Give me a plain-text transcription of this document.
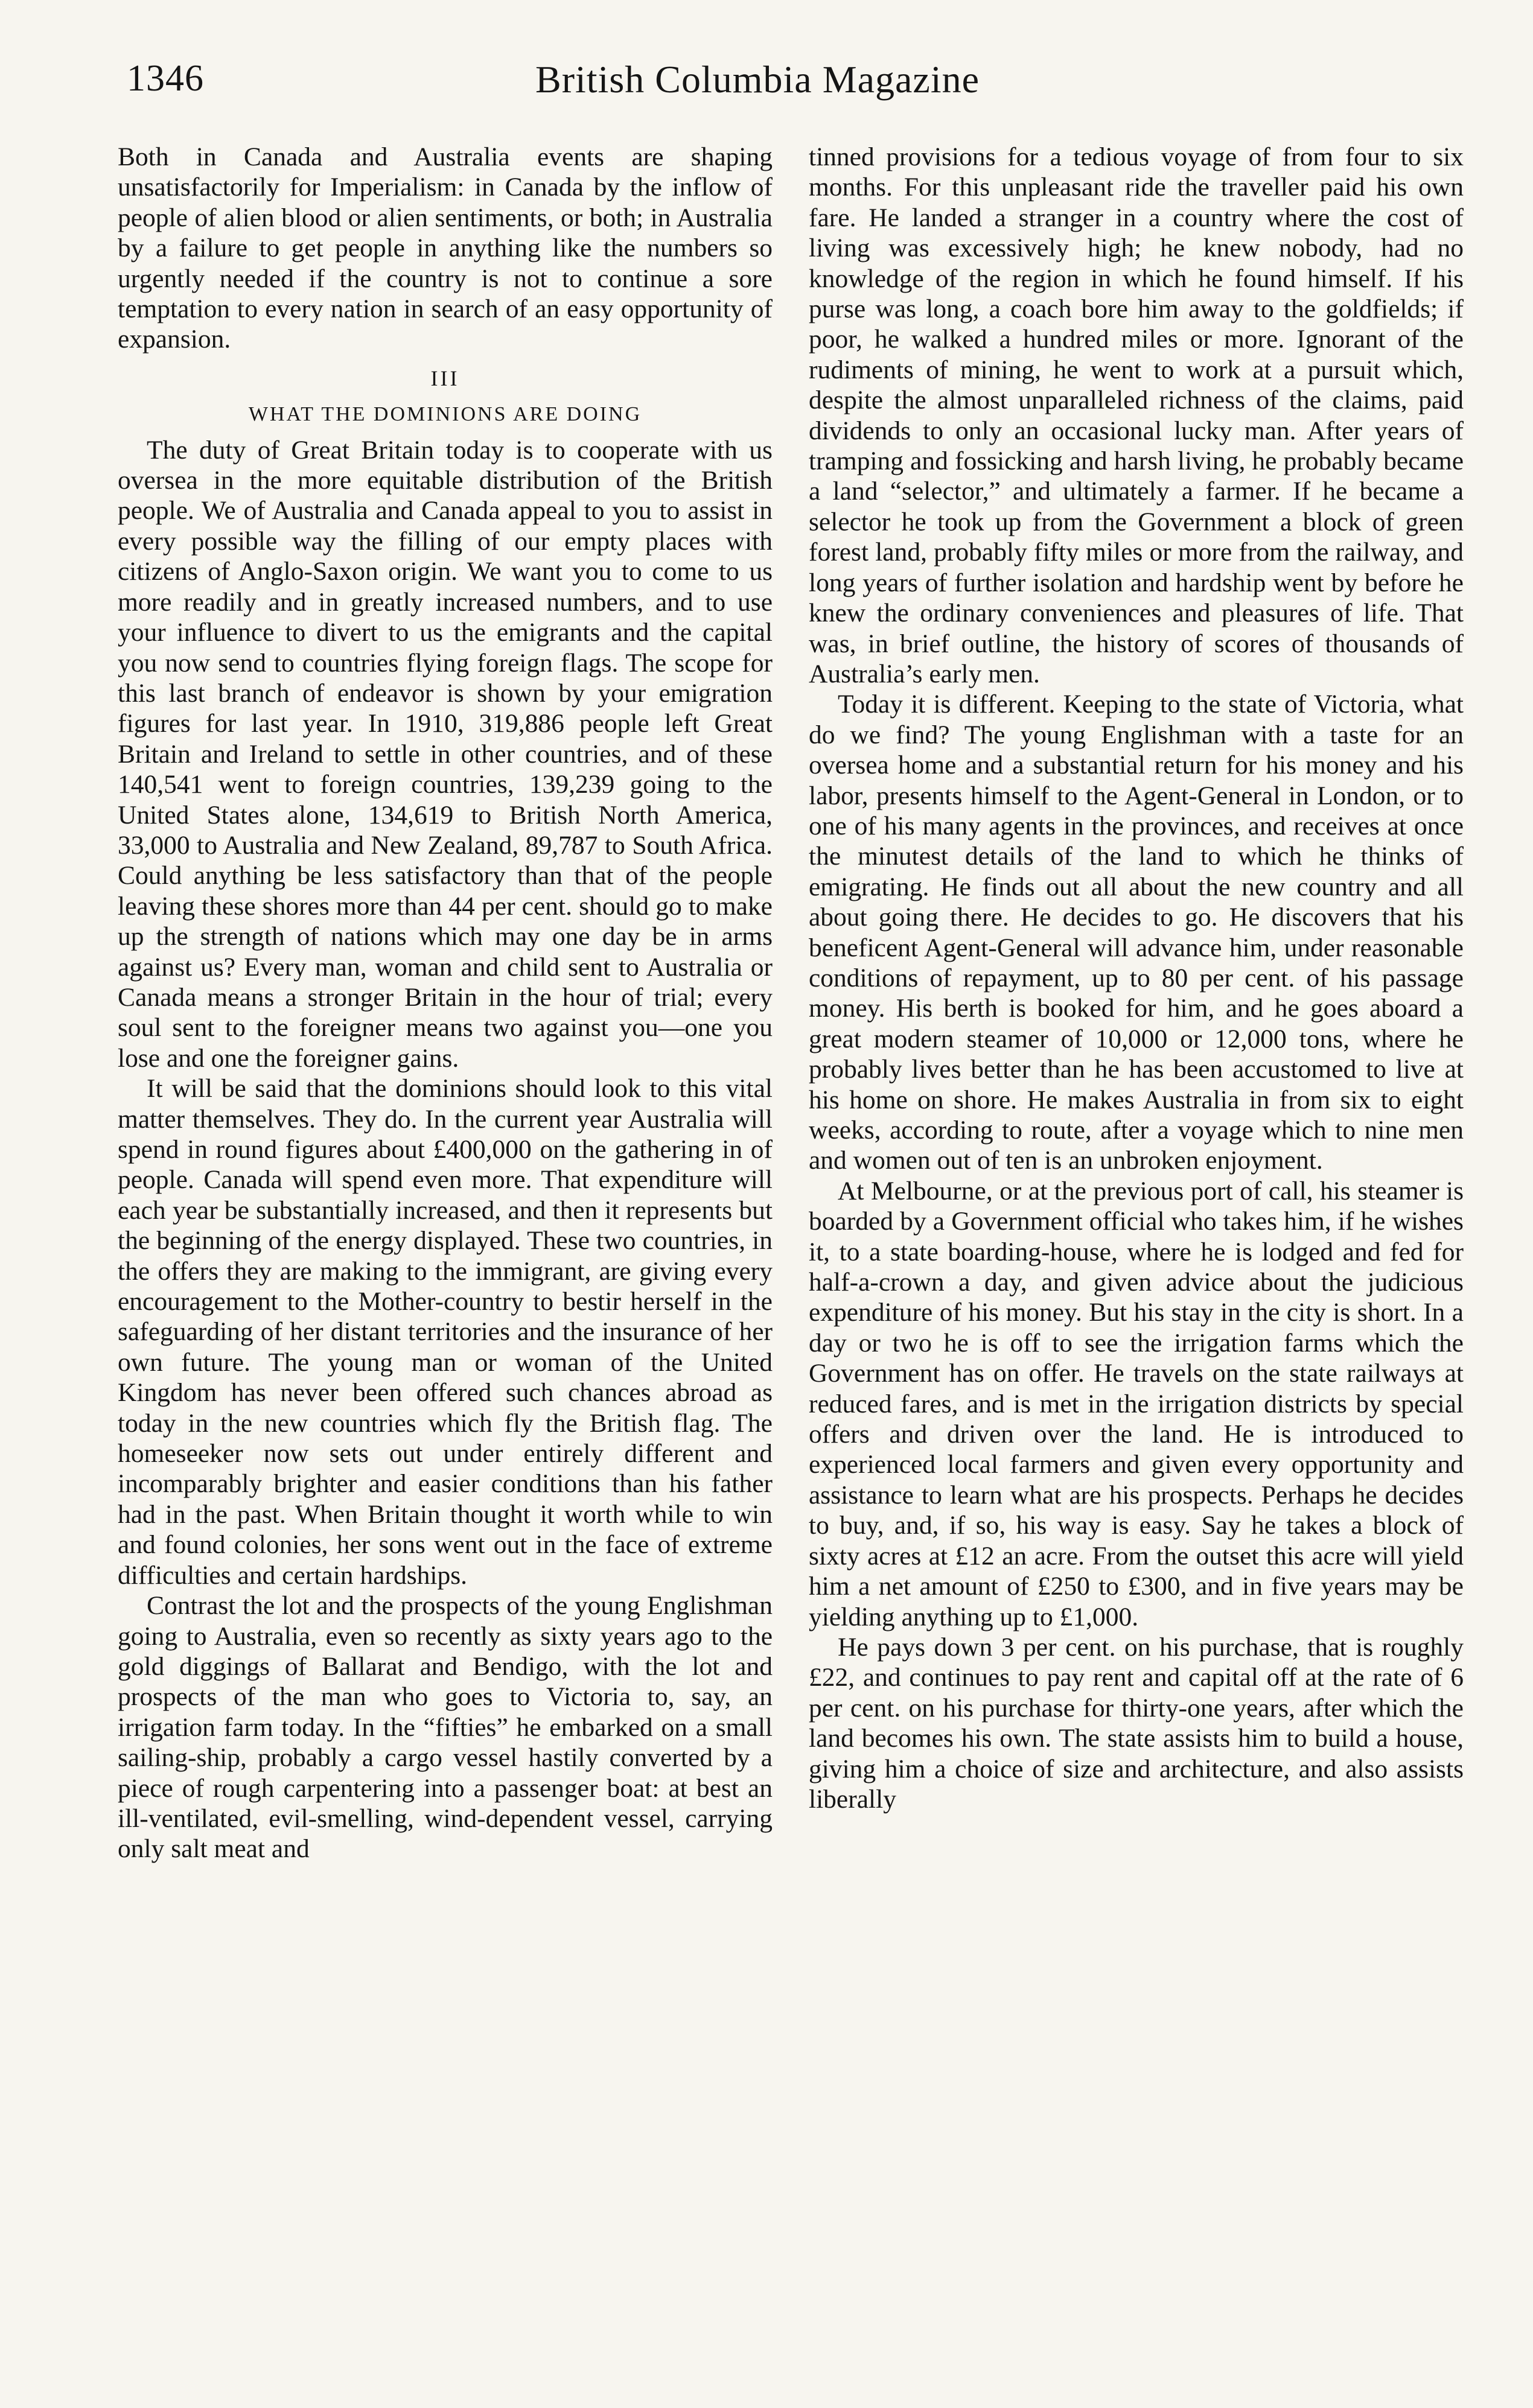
1346	British Columbia Magazine

Both in Canada and Australia events are shaping unsatisfactorily for Imperialism: in Canada by the inflow of people of alien blood or alien sentiments, or both; in Australia by a failure to get people in anything like the numbers so urgently needed if the country is not to continue a sore temptation to every nation in search of an easy opportunity of expansion.

III
WHAT THE DOMINIONS ARE DOING

The duty of Great Britain today is to cooperate with us oversea in the more equitable distribution of the British people. We of Australia and Canada appeal to you to assist in every possible way the filling of our empty places with citizens of Anglo-Saxon origin. We want you to come to us more readily and in greatly increased numbers, and to use your influence to divert to us the emigrants and the capital you now send to countries flying foreign flags. The scope for this last branch of endeavor is shown by your emigration figures for last year. In 1910, 319,886 people left Great Britain and Ireland to settle in other countries, and of these 140,541 went to foreign countries, 139,239 going to the United States alone, 134,619 to British North America, 33,000 to Australia and New Zealand, 89,787 to South Africa. Could anything be less satisfactory than that of the people leaving these shores more than 44 per cent. should go to make up the strength of nations which may one day be in arms against us? Every man, woman and child sent to Australia or Canada means a stronger Britain in the hour of trial; every soul sent to the foreigner means two against you—one you lose and one the foreigner gains.

It will be said that the dominions should look to this vital matter themselves. They do. In the current year Australia will spend in round figures about £400,000 on the gathering in of people. Canada will spend even more. That expenditure will each year be substantially increased, and then it represents but the beginning of the energy displayed. These two countries, in the offers they are making to the immigrant, are giving every encouragement to the Mother-country to bestir herself in the safeguarding of her distant territories and the insurance of her own future. The young man or woman of the United Kingdom has never been offered such chances abroad as today in the new countries which fly the British flag. The homeseeker now sets out under entirely different and incomparably brighter and easier conditions than his father had in the past. When Britain thought it worth while to win and found colonies, her sons went out in the face of extreme difficulties and certain hardships.

Contrast the lot and the prospects of the young Englishman going to Australia, even so recently as sixty years ago to the gold diggings of Ballarat and Bendigo, with the lot and prospects of the man who goes to Victoria to, say, an irrigation farm today. In the “fifties” he embarked on a small sailing-ship, probably a cargo vessel hastily converted by a piece of rough carpentering into a passenger boat: at best an ill-ventilated, evil-smelling, wind-dependent vessel, carrying only salt meat and

tinned provisions for a tedious voyage of from four to six months. For this unpleasant ride the traveller paid his own fare. He landed a stranger in a country where the cost of living was excessively high; he knew nobody, had no knowledge of the region in which he found himself. If his purse was long, a coach bore him away to the goldfields; if poor, he walked a hundred miles or more. Ignorant of the rudiments of mining, he went to work at a pursuit which, despite the almost unparalleled richness of the claims, paid dividends to only an occasional lucky man. After years of tramping and fossicking and harsh living, he probably became a land “selector,” and ultimately a farmer. If he became a selector he took up from the Government a block of green forest land, probably fifty miles or more from the railway, and long years of further isolation and hardship went by before he knew the ordinary conveniences and pleasures of life. That was, in brief outline, the history of scores of thousands of Australia’s early men.

Today it is different. Keeping to the state of Victoria, what do we find? The young Englishman with a taste for an oversea home and a substantial return for his money and his labor, presents himself to the Agent-General in London, or to one of his many agents in the provinces, and receives at once the minutest details of the land to which he thinks of emigrating. He finds out all about the new country and all about going there. He decides to go. He discovers that his beneficent Agent-General will advance him, under reasonable conditions of repayment, up to 80 per cent. of his passage money. His berth is booked for him, and he goes aboard a great modern steamer of 10,000 or 12,000 tons, where he probably lives better than he has been accustomed to live at his home on shore. He makes Australia in from six to eight weeks, according to route, after a voyage which to nine men and women out of ten is an unbroken enjoyment.

At Melbourne, or at the previous port of call, his steamer is boarded by a Government official who takes him, if he wishes it, to a state boarding-house, where he is lodged and fed for half-a-crown a day, and given advice about the judicious expenditure of his money. But his stay in the city is short. In a day or two he is off to see the irrigation farms which the Government has on offer. He travels on the state railways at reduced fares, and is met in the irrigation districts by special offers and driven over the land. He is introduced to experienced local farmers and given every opportunity and assistance to learn what are his prospects. Perhaps he decides to buy, and, if so, his way is easy. Say he takes a block of sixty acres at £12 an acre. From the outset this acre will yield him a net amount of £250 to £300, and in five years may be yielding anything up to £1,000.

He pays down 3 per cent. on his purchase, that is roughly £22, and continues to pay rent and capital off at the rate of 6 per cent. on his purchase for thirty-one years, after which the land becomes his own. The state assists him to build a house, giving him a choice of size and architecture, and also assists liberally
